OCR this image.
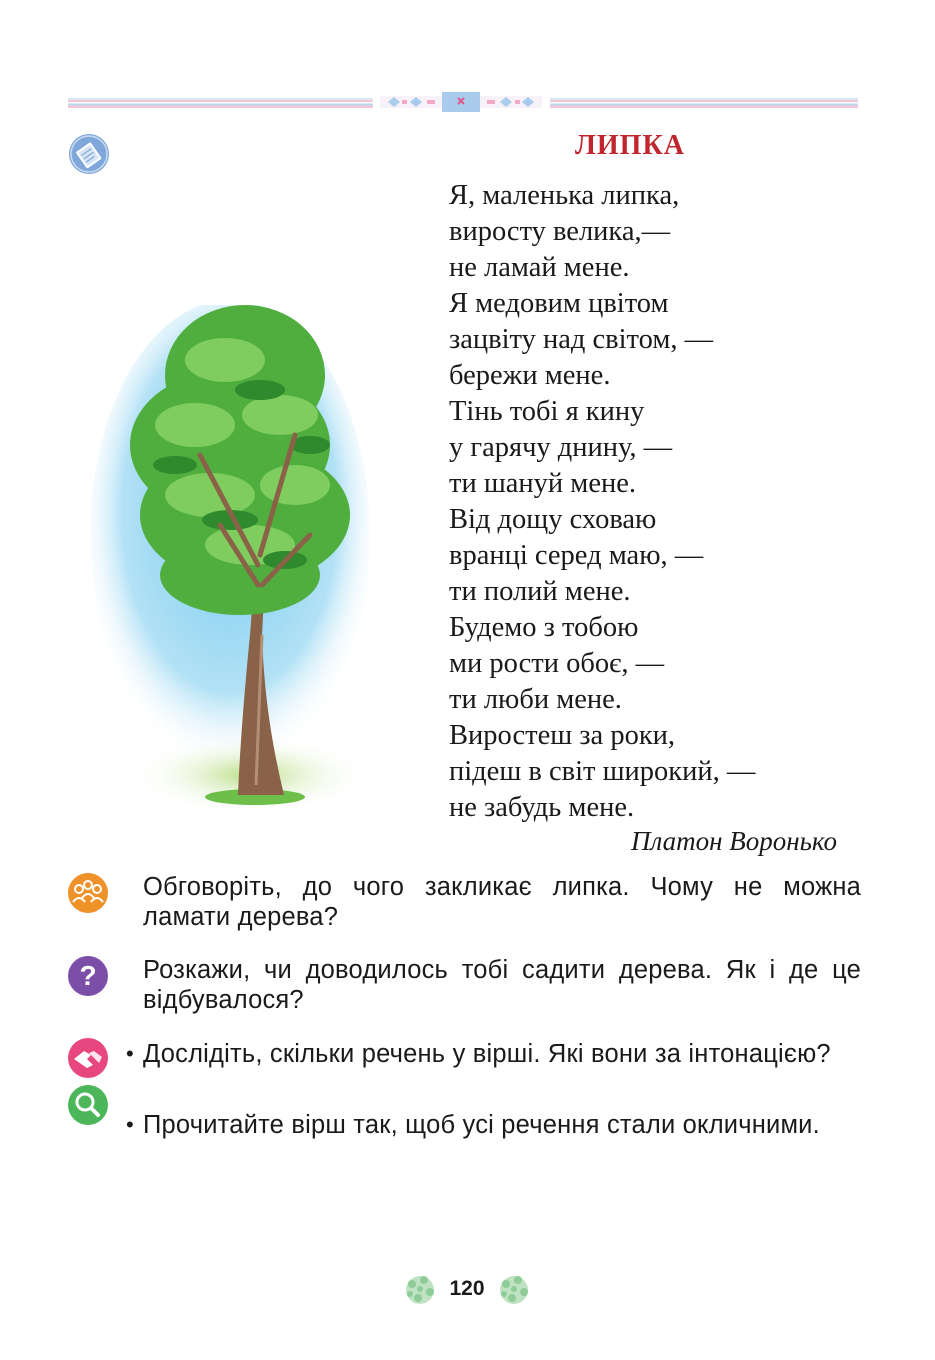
ЛИПКА
Я, маленька липка,
виросту велика,—
не ламай мене.
Я медовим цвітом
зацвіту над світом, —
бережи мене.
Тінь тобі я кину
у гарячу днину, —
ти шануй мене.
Від дощу сховаю
вранці серед маю, —
ти полий мене.
Будемо з тобою
ми рости обоє, —
ти люби мене.
Виростеш за роки,
підеш в світ широкий, —
не забудь мене.
Платон Воронько
Обговоріть, до чого закликає липка. Чому не можна ламати дерева?
? Розкажи, чи доводилось тобі садити дерева. Як і де це відбувалося?
• Дослідіть, скільки речень у вірші. Які вони за інтонацією?
• Прочитайте вірш так, щоб усі речення стали окличними.
120
